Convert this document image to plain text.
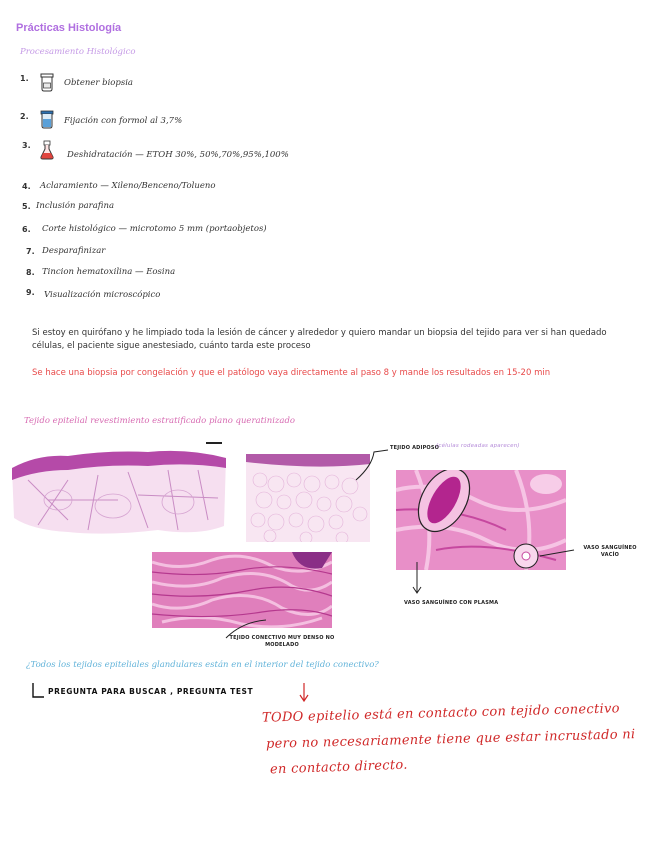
Prácticas Histología
Procesamiento Histológico
1.	Obtener biopsia
2.	Fijación con formol al 3,7%
3.
Deshidratación — ETOH 30%, 50%,70%,95%,100%
4. Aclaramiento — Xileno/Benceno/Tolueno
5. Inclusión parafina
6. Corte histológico — microtomo 5 mm (portaobjetos)
7. Desparafinizar
8. Tincion hematoxilina — Eosina
9. Visualización microscópico
Si estoy en quirófano y he limpiado toda la lesión de cáncer y alrededor y quiero mandar un biopsia del tejido para ver si han quedado células, el paciente sigue anestesiado, cuánto tarda este proceso
Se hace una biopsia por congelación y que el patólogo vaya directamente al paso 8 y mande los resultados en 15-20 min
Tejido epitelial revestimiento estratificado plano queratinizado
TEJIDO ADIPOSO
(células rodeadas aparecen)
VASO SANGUÍNEO VACÍO
VASO SANGUÍNEO CON PLASMA
TEJIDO CONECTIVO MUY DENSO NO MODELADO
¿Todos los tejidos epiteliales glandulares están en el interior del tejido conectivo?
PREGUNTA PARA BUSCAR , PREGUNTA TEST
TODO epitelio está en contacto con tejido conectivo
pero no necesariamente tiene que estar incrustado ni
en contacto directo.
